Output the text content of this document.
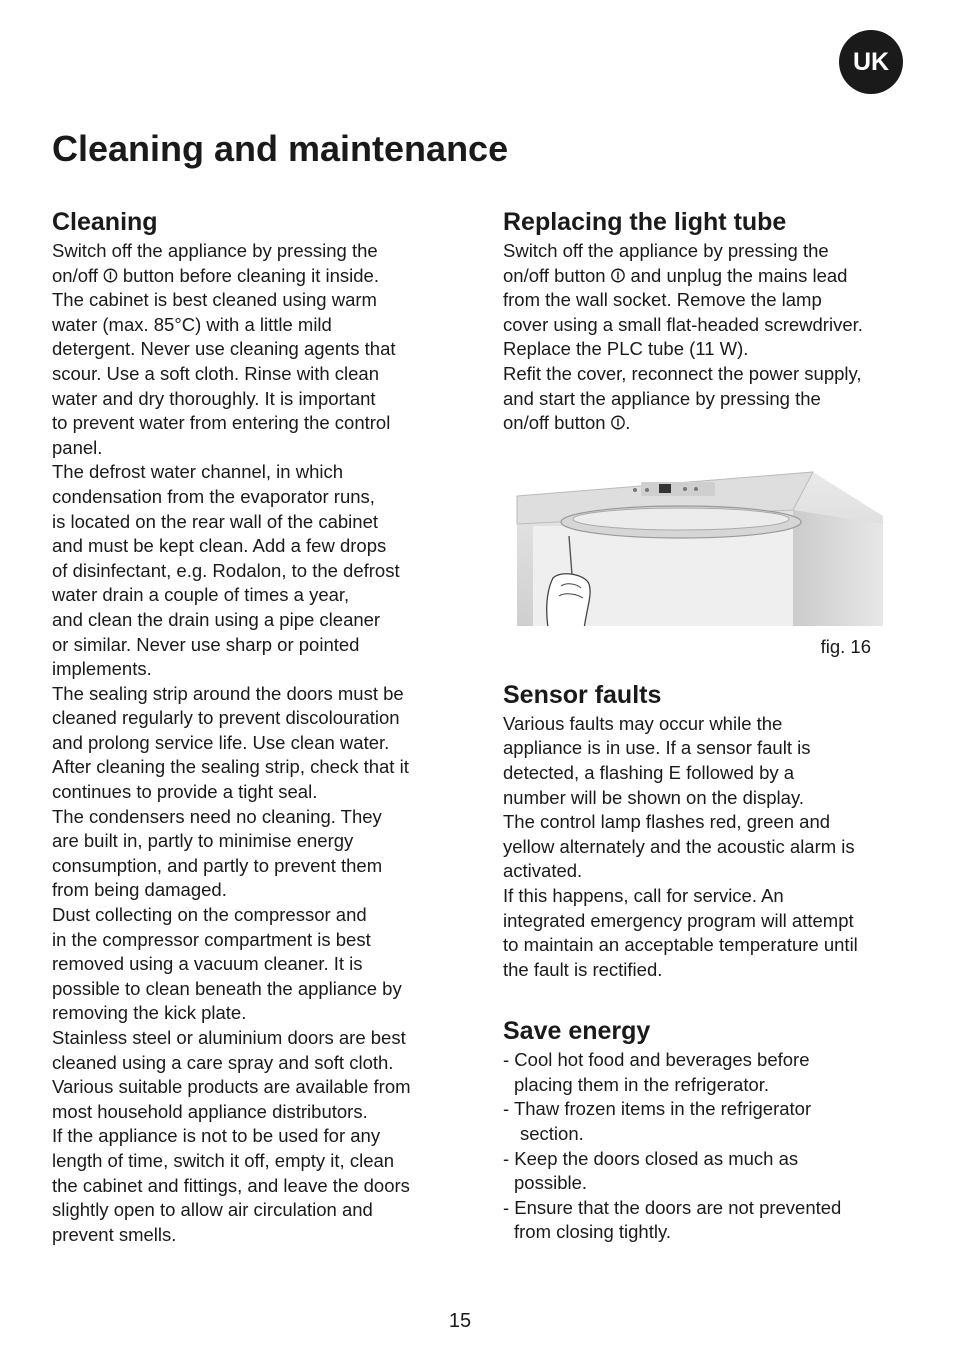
UK
Cleaning and maintenance
Cleaning
Switch off the appliance by pressing the
on/off ⏼ button before cleaning it inside.
The cabinet is best cleaned using warm
water (max. 85°C) with a little mild
detergent. Never use cleaning agents that
scour. Use a soft cloth. Rinse with clean
water and dry thoroughly. It is important
to prevent water from entering the control
panel.
The defrost water channel, in which
condensation from the evaporator runs,
is located on the rear wall of the cabinet
and must be kept clean. Add a few drops
of disinfectant, e.g. Rodalon, to the defrost
water drain a couple of times a year,
and clean the drain using a pipe cleaner
or similar. Never use sharp or pointed
implements.
The sealing strip around the doors must be
cleaned regularly to prevent discolouration
and prolong service life. Use clean water.
After cleaning the sealing strip, check that it
continues to provide a tight seal.
The condensers need no cleaning. They
are built in, partly to minimise energy
consumption, and partly to prevent them
from being damaged.
Dust collecting on the compressor and
in the compressor compartment is best
removed using a vacuum cleaner. It is
possible to clean beneath the appliance by
removing the kick plate.
Stainless steel or aluminium doors are best
cleaned using a care spray and soft cloth.
Various suitable products are available from
most household appliance distributors.
If the appliance is not to be used for any
length of time, switch it off, empty it, clean
the cabinet and fittings, and leave the doors
slightly open to allow air circulation and
prevent smells.
Replacing the light tube
Switch off the appliance by pressing the
on/off button ⏼ and unplug the mains lead
from the wall socket. Remove the lamp
cover using a small flat-headed screwdriver.
Replace the PLC tube (11 W).
Refit the cover, reconnect the power supply,
and start the appliance by pressing the
on/off button ⏼.
fig. 16
Sensor faults
Various faults may occur while the
appliance is in use. If a sensor fault is
detected, a flashing E followed by a
number will be shown on the display.
The control lamp flashes red, green and
yellow alternately and the acoustic alarm is
activated.
If this happens, call for service. An
integrated emergency program will attempt
to maintain an acceptable temperature until
the fault is rectified.
Save energy
- Cool hot food and beverages before
placing them in the refrigerator.
- Thaw frozen items in the refrigerator
section.
- Keep the doors closed as much as
possible.
- Ensure that the doors are not prevented
from closing tightly.
15
